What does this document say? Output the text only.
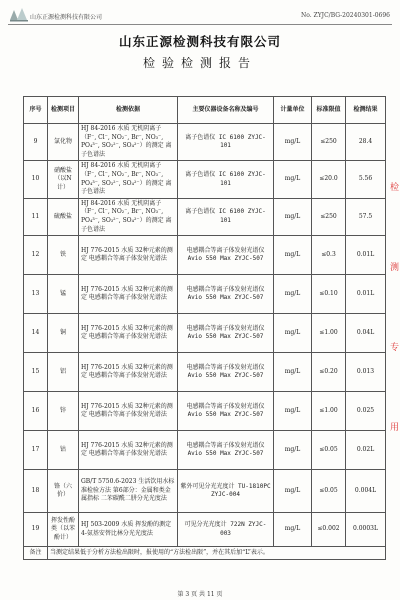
山东正源检测科技有限公司	No. ZYJC/BG-20240301-0696
山东正源检测科技有限公司
检验检测报告
序号	检测项目	检测依据	主要仪器设备名称及编号	计量单位	标准限值	检测结果
9	氯化物	HJ 84-2016 水质 无机阴离子（F⁻, Cl⁻, NO₂⁻, Br⁻, NO₃⁻, PO₄³⁻, SO₃²⁻, SO₄²⁻）的测定 离子色谱法	离子色谱仪 IC 6100 ZYJC-101	mg/L	≤250	28.4
10	硝酸盐（以N计）	HJ 84-2016 水质 无机阴离子（F⁻, Cl⁻, NO₂⁻, Br⁻, NO₃⁻, PO₄³⁻, SO₃²⁻, SO₄²⁻）的测定 离子色谱法	离子色谱仪 IC 6100 ZYJC-101	mg/L	≤20.0	5.56
11	硫酸盐	HJ 84-2016 水质 无机阴离子（F⁻, Cl⁻, NO₂⁻, Br⁻, NO₃⁻, PO₄³⁻, SO₃²⁻, SO₄²⁻）的测定 离子色谱法	离子色谱仪 IC 6100 ZYJC-101	mg/L	≤250	57.5
12	铁	HJ 776-2015 水质 32种元素的测定 电感耦合等离子体发射光谱法	电感耦合等离子体发射光谱仪 Avio 550 Max ZYJC-507	mg/L	≤0.3	0.01L
13	锰	HJ 776-2015 水质 32种元素的测定 电感耦合等离子体发射光谱法	电感耦合等离子体发射光谱仪 Avio 550 Max ZYJC-507	mg/L	≤0.10	0.01L
14	铜	HJ 776-2015 水质 32种元素的测定 电感耦合等离子体发射光谱法	电感耦合等离子体发射光谱仪 Avio 550 Max ZYJC-507	mg/L	≤1.00	0.04L
15	铝	HJ 776-2015 水质 32种元素的测定 电感耦合等离子体发射光谱法	电感耦合等离子体发射光谱仪 Avio 550 Max ZYJC-507	mg/L	≤0.20	0.013
16	锌	HJ 776-2015 水质 32种元素的测定 电感耦合等离子体发射光谱法	电感耦合等离子体发射光谱仪 Avio 550 Max ZYJC-507	mg/L	≤1.00	0.025
17	钴	HJ 776-2015 水质 32种元素的测定 电感耦合等离子体发射光谱法	电感耦合等离子体发射光谱仪 Avio 550 Max ZYJC-507	mg/L	≤0.05	0.02L
18	铬（六价）	GB/T 5750.6-2023 生活饮用水标准检验方法 第6部分：金属和类金属指标 二苯碳酰二肼分光光度法	紫外可见分光光度计 TU-1810PC ZYJC-004	mg/L	≤0.05	0.004L
19	挥发性酚类（以苯酚计）	HJ 503-2009 水质 挥发酚的测定 4-氨基安替比林分光光度法	可见分光光度计 722N ZYJC-003	mg/L	≤0.002	0.0003L
备注	当测定结果低于分析方法检出限时，报使用的“方法检出限”，并在其后加“L”表示。					
第 3 页 共 11 页
检
测
专
用
